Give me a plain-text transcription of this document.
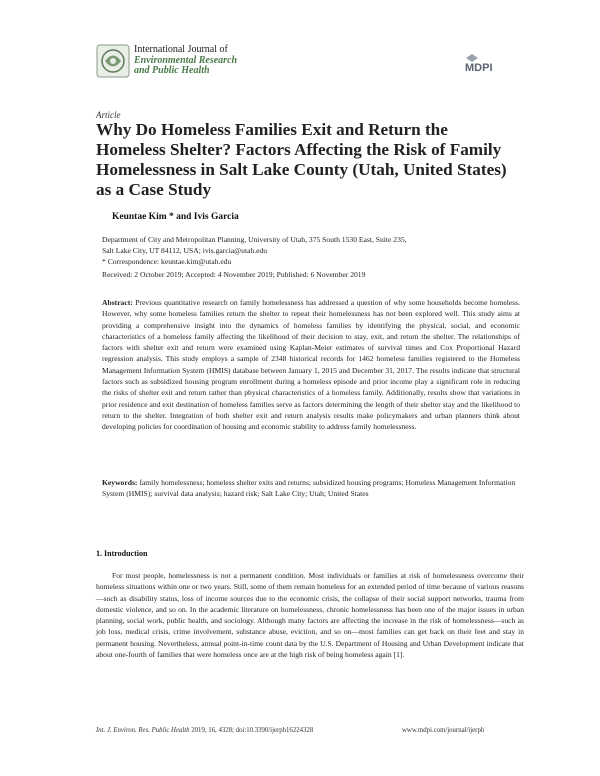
International Journal of
Environmental Research
and Public Health	MDPI
Article
Why Do Homeless Families Exit and Return the Homeless Shelter? Factors Affecting the Risk of Family Homelessness in Salt Lake County (Utah, United States) as a Case Study
Keuntae Kim * and Ivis Garcia
Department of City and Metropolitan Planning, University of Utah, 375 South 1530 East, Suite 235,
Salt Lake City, UT 84112, USA; ivis.garcia@utah.edu
* Correspondence: keuntae.kim@utah.edu
Received: 2 October 2019; Accepted: 4 November 2019; Published: 6 November 2019
Abstract: Previous quantitative research on family homelessness has addressed a question of why some households become homeless. However, why some homeless families return the shelter to repeat their homelessness has not been explored well. This study aims at providing a comprehensive insight into the dynamics of homeless families by identifying the physical, social, and economic characteristics of a homeless family affecting the likelihood of their decision to stay, exit, and return the shelter. The relationships of factors with shelter exit and return were examined using Kaplan-Meier estimates of survival times and Cox Proportional Hazard regression analysis. This study employs a sample of 2348 historical records for 1462 homeless families registered to the Homeless Management Information System (HMIS) database between January 1, 2015 and December 31, 2017. The results indicate that structural factors such as subsidized housing program enrollment during a homeless episode and prior income play a significant role in reducing the risks of shelter exit and return rather than physical characteristics of a homeless family. Additionally, results show that variations in prior residence and exit destination of homeless families serve as factors determining the length of their shelter stay and the likelihood to return to the shelter. Integration of both shelter exit and return analysis results make policymakers and urban planners think about developing policies for coordination of housing and economic stability to address family homelessness.
Keywords: family homelessness; homeless shelter exits and returns; subsidized housing programs; Homeless Management Information System (HMIS); survival data analysis; hazard risk; Salt Lake City; Utah; United States
1. Introduction
For most people, homelessness is not a permanent condition. Most individuals or families at risk of homelessness overcome their homeless situations within one or two years. Still, some of them remain homeless for an extended period of time because of various reasons—such as disability status, loss of income sources due to the economic crisis, the collapse of their social support networks, trauma from domestic violence, and so on. In the academic literature on homelessness, chronic homelessness has been one of the major issues in urban planning, social work, public health, and sociology. Although many factors are affecting the increase in the risk of homelessness—such as job loss, medical crisis, crime involvement, substance abuse, eviction, and so on—most families can get back on their feet and stay in permanent housing. Nevertheless, annual point-in-time count data by the U.S. Department of Housing and Urban Development indicate that about one-fourth of families that were homeless once are at the high risk of being homeless again [1].
Int. J. Environ. Res. Public Health 2019, 16, 4328; doi:10.3390/ijerph16224328	www.mdpi.com/journal/ijerph
